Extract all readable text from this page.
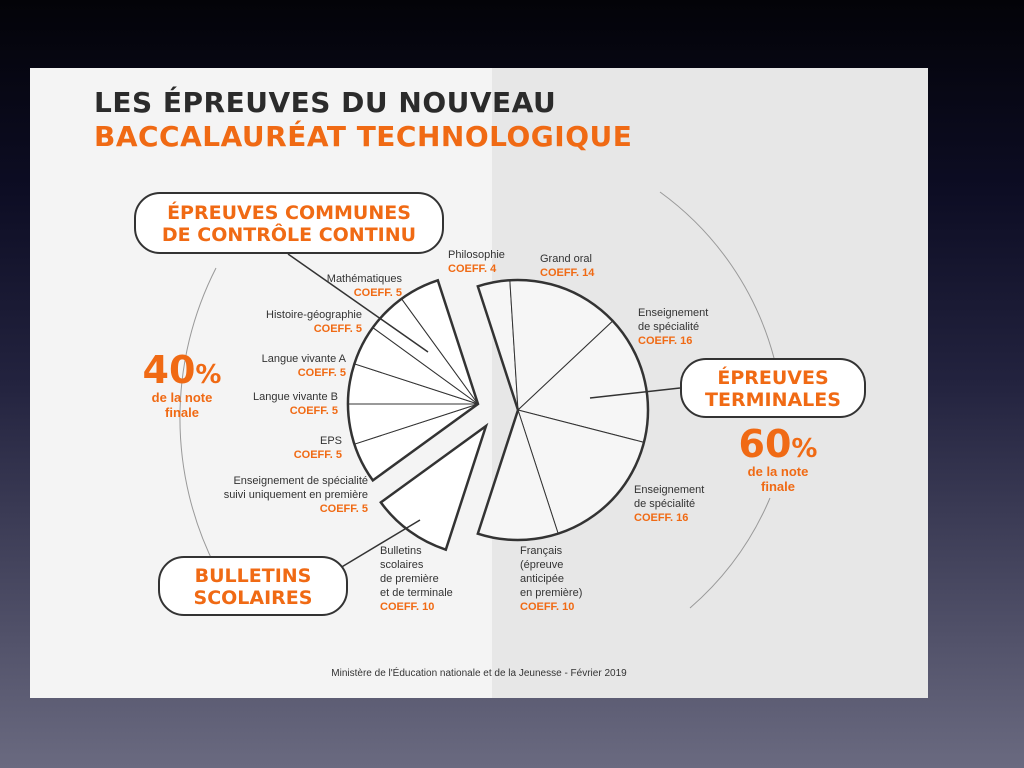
LES ÉPREUVES DU NOUVEAU
BACCALAURÉAT TECHNOLOGIQUE
ÉPREUVES COMMUNES
DE CONTRÔLE CONTINU
ÉPREUVES
TERMINALES
BULLETINS
SCOLAIRES
40%
de la note
finale
60%
de la note
finale
Mathématiques
COEFF. 5
Histoire-géographie
COEFF. 5
Langue vivante A
COEFF. 5
Langue vivante B
COEFF. 5
EPS
COEFF. 5
Enseignement de spécialité
suivi uniquement en première
COEFF. 5
Bulletins
scolaires
de première
et de terminale
COEFF. 10
Philosophie
COEFF. 4
Grand oral
COEFF. 14
Enseignement
de spécialité
COEFF. 16
Enseignement
de spécialité
COEFF. 16
Français
(épreuve
anticipée
en première)
COEFF. 10
Ministère de l'Éducation nationale et de la Jeunesse - Février 2019
